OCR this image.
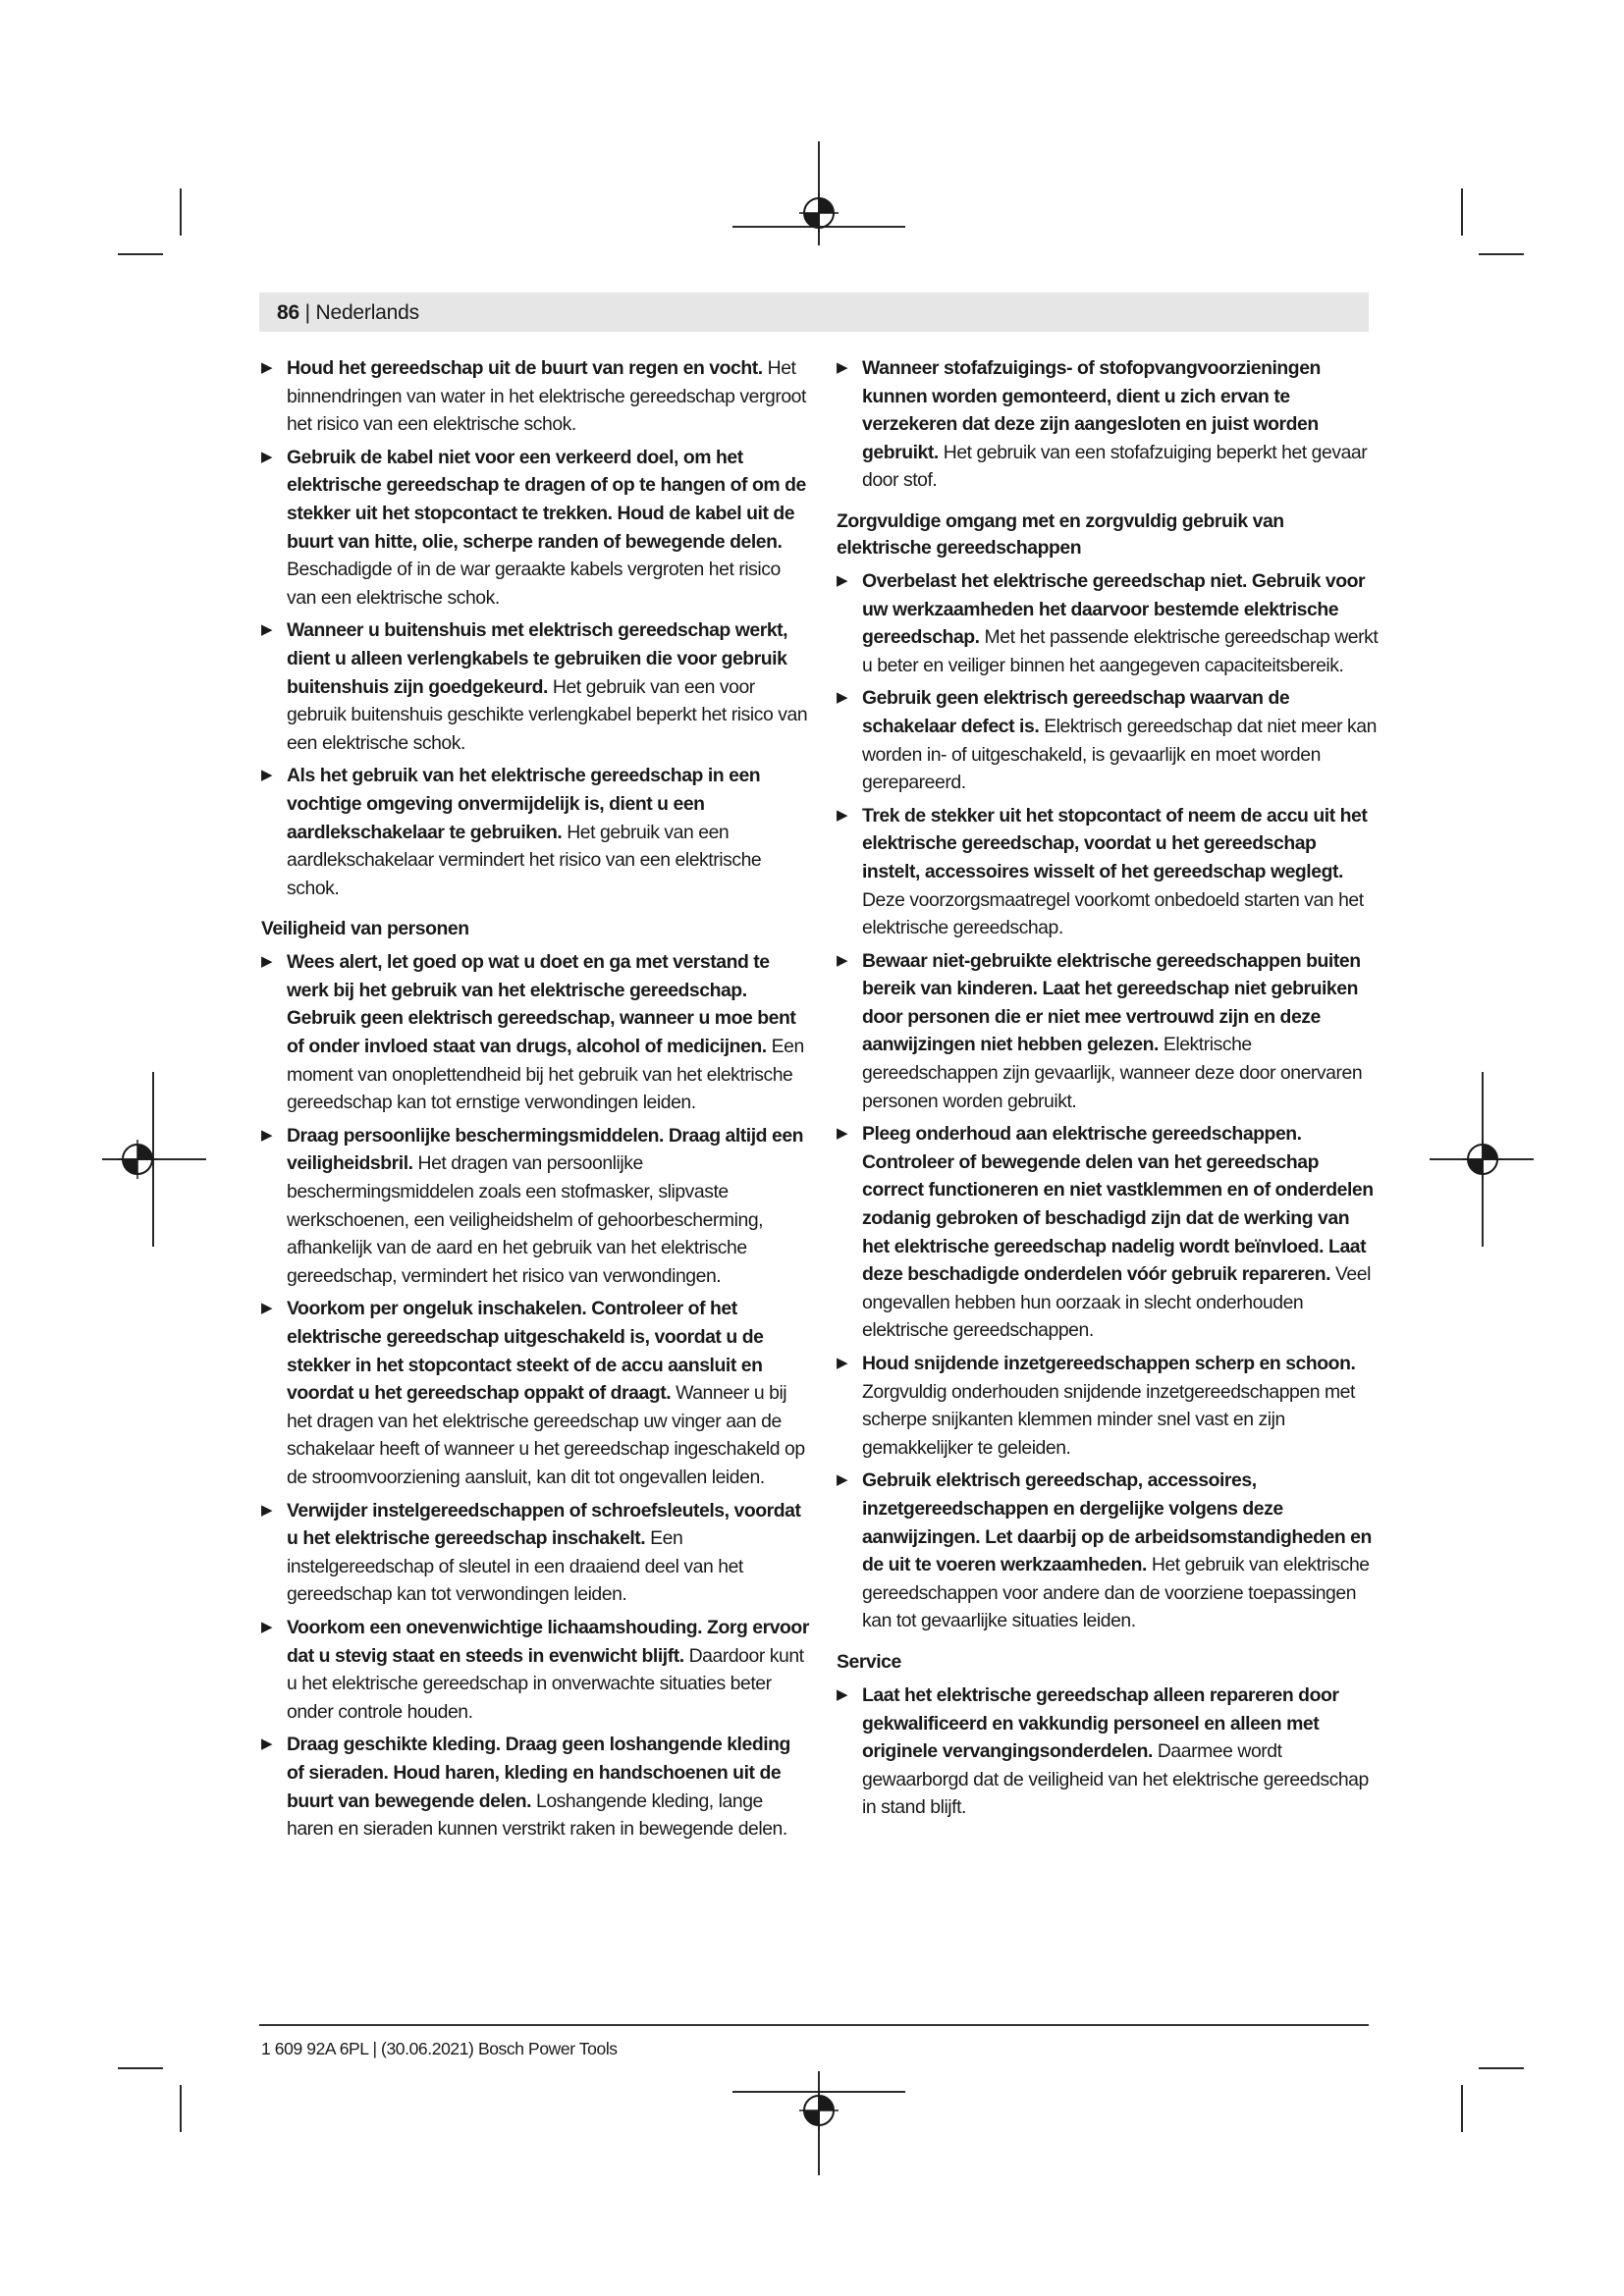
86 | Nederlands
▶ Houd het gereedschap uit de buurt van regen en vocht. Het binnendringen van water in het elektrische gereedschap vergroot het risico van een elektrische schok.
▶ Gebruik de kabel niet voor een verkeerd doel, om het elektrische gereedschap te dragen of op te hangen of om de stekker uit het stopcontact te trekken. Houd de kabel uit de buurt van hitte, olie, scherpe randen of bewegende delen. Beschadigde of in de war geraakte kabels vergroten het risico van een elektrische schok.
▶ Wanneer u buitenshuis met elektrisch gereedschap werkt, dient u alleen verlengkabels te gebruiken die voor gebruik buitenshuis zijn goedgekeurd. Het gebruik van een voor gebruik buitenshuis geschikte verlengkabel beperkt het risico van een elektrische schok.
▶ Als het gebruik van het elektrische gereedschap in een vochtige omgeving onvermijdelijk is, dient u een aardlekschakelaar te gebruiken. Het gebruik van een aardlekschakelaar vermindert het risico van een elektrische schok.
Veiligheid van personen
▶ Wees alert, let goed op wat u doet en ga met verstand te werk bij het gebruik van het elektrische gereedschap. Gebruik geen elektrisch gereedschap, wanneer u moe bent of onder invloed staat van drugs, alcohol of medicijnen. Een moment van onoplettendheid bij het gebruik van het elektrische gereedschap kan tot ernstige verwondingen leiden.
▶ Draag persoonlijke beschermingsmiddelen. Draag altijd een veiligheidsbril. Het dragen van persoonlijke beschermingsmiddelen zoals een stofmasker, slipvaste werkschoenen, een veiligheidshelm of gehoorbescherming, afhankelijk van de aard en het gebruik van het elektrische gereedschap, vermindert het risico van verwondingen.
▶ Voorkom per ongeluk inschakelen. Controleer of het elektrische gereedschap uitgeschakeld is, voordat u de stekker in het stopcontact steekt of de accu aansluit en voordat u het gereedschap oppakt of draagt. Wanneer u bij het dragen van het elektrische gereedschap uw vinger aan de schakelaar heeft of wanneer u het gereedschap ingeschakeld op de stroomvoorziening aansluit, kan dit tot ongevallen leiden.
▶ Verwijder instelgereedschappen of schroefsleutels, voordat u het elektrische gereedschap inschakelt. Een instelgereedschap of sleutel in een draaiend deel van het gereedschap kan tot verwondingen leiden.
▶ Voorkom een onevenwichtige lichaamshouding. Zorg ervoor dat u stevig staat en steeds in evenwicht blijft. Daardoor kunt u het elektrische gereedschap in onverwachte situaties beter onder controle houden.
▶ Draag geschikte kleding. Draag geen loshangende kleding of sieraden. Houd haren, kleding en handschoenen uit de buurt van bewegende delen. Loshangende kleding, lange haren en sieraden kunnen verstrikt raken in bewegende delen.
▶ Wanneer stofafzuigings- of stofopvangvoorzieningen kunnen worden gemonteerd, dient u zich ervan te verzekeren dat deze zijn aangesloten en juist worden gebruikt. Het gebruik van een stofafzuiging beperkt het gevaar door stof.
Zorgvuldige omgang met en zorgvuldig gebruik van elektrische gereedschappen
▶ Overbelast het elektrische gereedschap niet. Gebruik voor uw werkzaamheden het daarvoor bestemde elektrische gereedschap. Met het passende elektrische gereedschap werkt u beter en veiliger binnen het aangegeven capaciteitsbereik.
▶ Gebruik geen elektrisch gereedschap waarvan de schakelaar defect is. Elektrisch gereedschap dat niet meer kan worden in- of uitgeschakeld, is gevaarlijk en moet worden gerepareerd.
▶ Trek de stekker uit het stopcontact of neem de accu uit het elektrische gereedschap, voordat u het gereedschap instelt, accessoires wisselt of het gereedschap weglegt. Deze voorzorgsmaatregel voorkomt onbedoeld starten van het elektrische gereedschap.
▶ Bewaar niet-gebruikte elektrische gereedschappen buiten bereik van kinderen. Laat het gereedschap niet gebruiken door personen die er niet mee vertrouwd zijn en deze aanwijzingen niet hebben gelezen. Elektrische gereedschappen zijn gevaarlijk, wanneer deze door onervaren personen worden gebruikt.
▶ Pleeg onderhoud aan elektrische gereedschappen. Controleer of bewegende delen van het gereedschap correct functioneren en niet vastklemmen en of onderdelen zodanig gebroken of beschadigd zijn dat de werking van het elektrische gereedschap nadelig wordt beïnvloed. Laat deze beschadigde onderdelen vóór gebruik repareren. Veel ongevallen hebben hun oorzaak in slecht onderhouden elektrische gereedschappen.
▶ Houd snijdende inzetgereedschappen scherp en schoon. Zorgvuldig onderhouden snijdende inzetgereedschappen met scherpe snijkanten klemmen minder snel vast en zijn gemakkelijker te geleiden.
▶ Gebruik elektrisch gereedschap, accessoires, inzetgereedschappen en dergelijke volgens deze aanwijzingen. Let daarbij op de arbeidsomstandigheden en de uit te voeren werkzaamheden. Het gebruik van elektrische gereedschappen voor andere dan de voorziene toepassingen kan tot gevaarlijke situaties leiden.
Service
▶ Laat het elektrische gereedschap alleen repareren door gekwalificeerd en vakkundig personeel en alleen met originele vervangingsonderdelen. Daarmee wordt gewaarborgd dat de veiligheid van het elektrische gereedschap in stand blijft.
1 609 92A 6PL | (30.06.2021) Bosch Power Tools
